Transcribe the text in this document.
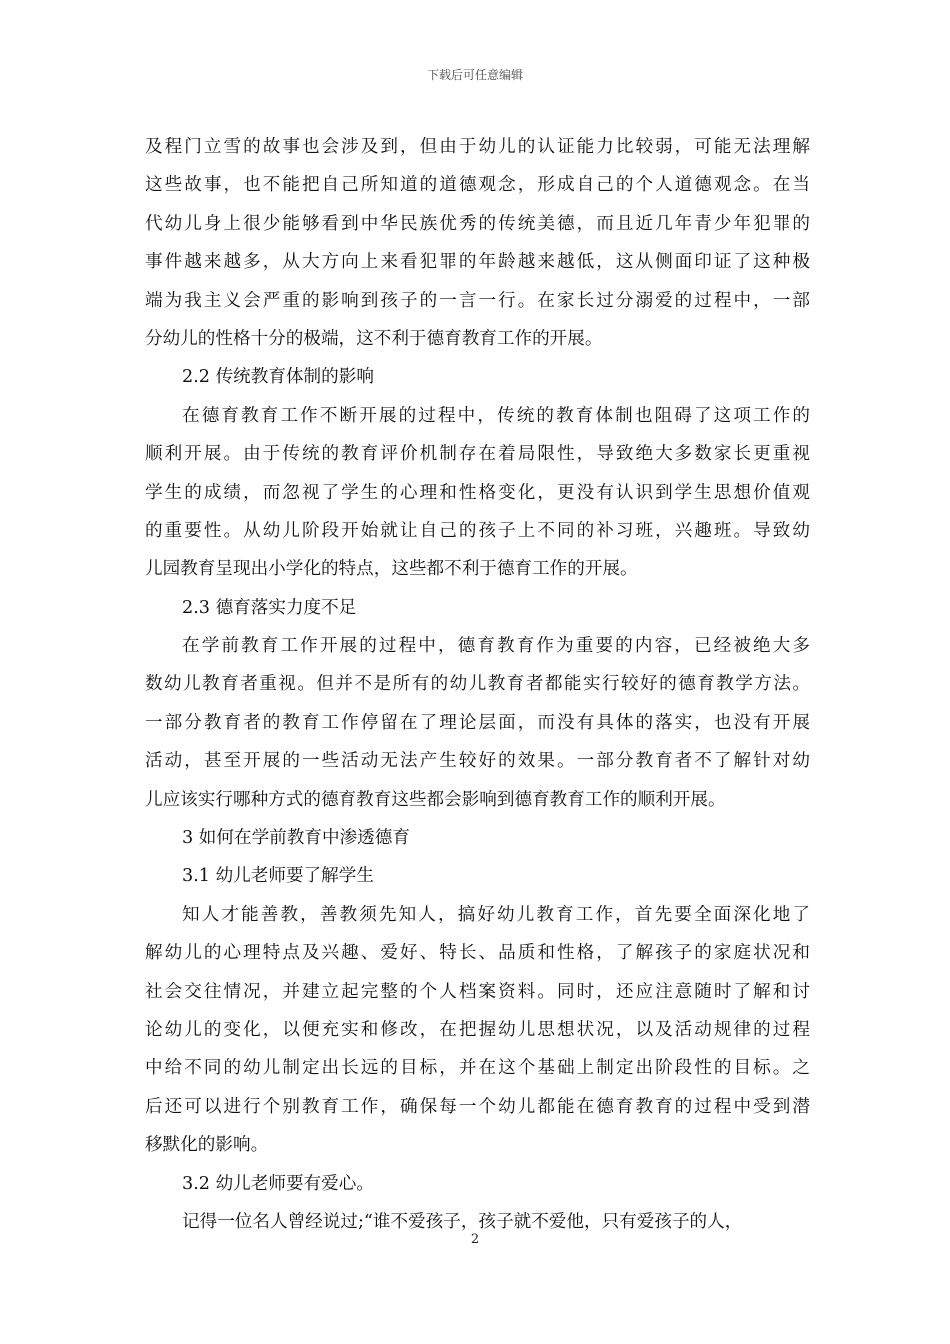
下载后可任意编辑
及程门立雪的故事也会涉及到，但由于幼儿的认证能力比较弱，可能无法理解
这些故事，也不能把自己所知道的道德观念，形成自己的个人道德观念。在当
代幼儿身上很少能够看到中华民族优秀的传统美德，而且近几年青少年犯罪的
事件越来越多，从大方向上来看犯罪的年龄越来越低，这从侧面印证了这种极
端为我主义会严重的影响到孩子的一言一行。在家长过分溺爱的过程中，一部
分幼儿的性格十分的极端，这不利于德育教育工作的开展。
2.2 传统教育体制的影响
在德育教育工作不断开展的过程中，传统的教育体制也阻碍了这项工作的
顺利开展。由于传统的教育评价机制存在着局限性，导致绝大多数家长更重视
学生的成绩，而忽视了学生的心理和性格变化，更没有认识到学生思想价值观
的重要性。从幼儿阶段开始就让自己的孩子上不同的补习班，兴趣班。导致幼
儿园教育呈现出小学化的特点，这些都不利于德育工作的开展。
2.3 德育落实力度不足
在学前教育工作开展的过程中，德育教育作为重要的内容，已经被绝大多
数幼儿教育者重视。但并不是所有的幼儿教育者都能实行较好的德育教学方法。
一部分教育者的教育工作停留在了理论层面，而没有具体的落实，也没有开展
活动，甚至开展的一些活动无法产生较好的效果。一部分教育者不了解针对幼
儿应该实行哪种方式的德育教育这些都会影响到德育教育工作的顺利开展。
3 如何在学前教育中渗透德育
3.1 幼儿老师要了解学生
知人才能善教，善教须先知人，搞好幼儿教育工作，首先要全面深化地了
解幼儿的心理特点及兴趣、爱好、特长、品质和性格，了解孩子的家庭状况和
社会交往情况，并建立起完整的个人档案资料。同时，还应注意随时了解和讨
论幼儿的变化，以便充实和修改，在把握幼儿思想状况，以及活动规律的过程
中给不同的幼儿制定出长远的目标，并在这个基础上制定出阶段性的目标。之
后还可以进行个别教育工作，确保每一个幼儿都能在德育教育的过程中受到潜
移默化的影响。
3.2 幼儿老师要有爱心。
记得一位名人曾经说过;“谁不爱孩子，孩子就不爱他，只有爱孩子的人，
2
